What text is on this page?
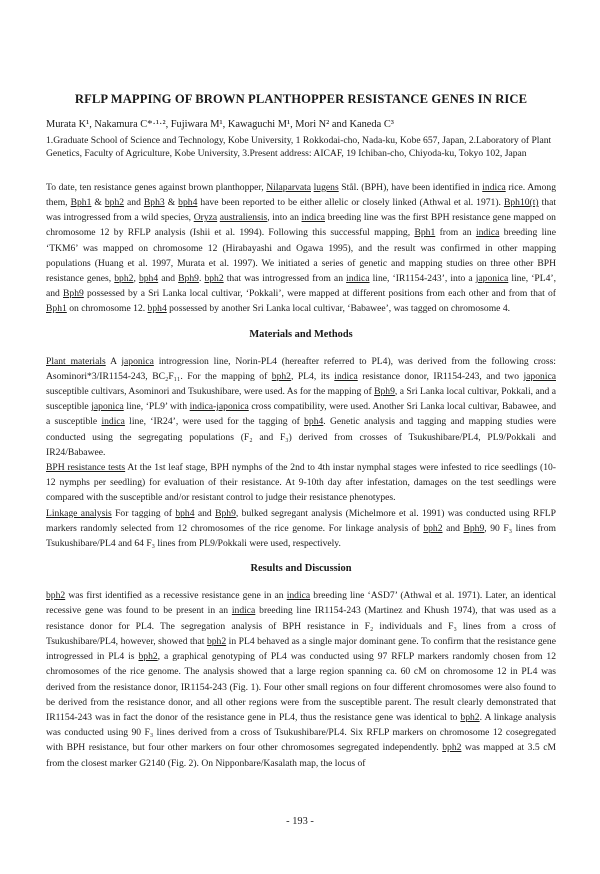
RFLP MAPPING OF BROWN PLANTHOPPER RESISTANCE GENES IN RICE
Murata K¹, Nakamura C*·¹·², Fujiwara M¹, Kawaguchi M¹, Mori N² and Kaneda C³
1.Graduate School of Science and Technology, Kobe University, 1 Rokkodai-cho, Nada-ku, Kobe 657, Japan, 2.Laboratory of Plant Genetics, Faculty of Agriculture, Kobe University, 3.Present address: AICAF, 19 Ichiban-cho, Chiyoda-ku, Tokyo 102, Japan

To date, ten resistance genes against brown planthopper, Nilaparvata lugens Stål. (BPH), have been identified in indica rice. Among them, Bph1 & bph2 and Bph3 & bph4 have been reported to be either allelic or closely linked (Athwal et al. 1971). Bph10(t) that was introgressed from a wild species, Oryza australiensis, into an indica breeding line was the first BPH resistance gene mapped on chromosome 12 by RFLP analysis (Ishii et al. 1994). Following this successful mapping, Bph1 from an indica breeding line ‘TKM6’ was mapped on chromosome 12 (Hirabayashi and Ogawa 1995), and the result was confirmed in other mapping populations (Huang et al. 1997, Murata et al. 1997). We initiated a series of genetic and mapping studies on three other BPH resistance genes, bph2, bph4 and Bph9. bph2 that was introgressed from an indica line, ‘IR1154-243’, into a japonica line, ‘PL4’, and Bph9 possessed by a Sri Lanka local cultivar, ‘Pokkali’, were mapped at different positions from each other and from that of Bph1 on chromosome 12. bph4 possessed by another Sri Lanka local cultivar, ‘Babawee’, was tagged on chromosome 4.

Materials and Methods

Plant materials A japonica introgression line, Norin-PL4 (hereafter referred to PL4), was derived from the following cross: Asominori*3/IR1154-243, BC₂F₁₁. For the mapping of bph2, PL4, its indica resistance donor, IR1154-243, and two japonica susceptible cultivars, Asominori and Tsukushibare, were used. As for the mapping of Bph9, a Sri Lanka local cultivar, Pokkali, and a susceptible japonica line, ‘PL9’ with indica-japonica cross compatibility, were used. Another Sri Lanka local cultivar, Babawee, and a susceptible indica line, ‘IR24’, were used for the tagging of bph4. Genetic analysis and tagging and mapping studies were conducted using the segregating populations (F₂ and F₃) derived from crosses of Tsukushibare/PL4, PL9/Pokkali and IR24/Babawee.

BPH resistance tests At the 1st leaf stage, BPH nymphs of the 2nd to 4th instar nymphal stages were infested to rice seedlings (10-12 nymphs per seedling) for evaluation of their resistance. At 9-10th day after infestation, damages on the test seedlings were compared with the susceptible and/or resistant control to judge their resistance phenotypes.

Linkage analysis For tagging of bph4 and Bph9, bulked segregant analysis (Michelmore et al. 1991) was conducted using RFLP markers randomly selected from 12 chromosomes of the rice genome. For linkage analysis of bph2 and Bph9, 90 F₃ lines from Tsukushibare/PL4 and 64 F₃ lines from PL9/Pokkali were used, respectively.

Results and Discussion

bph2 was first identified as a recessive resistance gene in an indica breeding line ‘ASD7’ (Athwal et al. 1971). Later, an identical recessive gene was found to be present in an indica breeding line IR1154-243 (Martinez and Khush 1974), that was used as a resistance donor for PL4. The segregation analysis of BPH resistance in F₂ individuals and F₃ lines from a cross of Tsukushibare/PL4, however, showed that bph2 in PL4 behaved as a single major dominant gene. To confirm that the resistance gene introgressed in PL4 is bph2, a graphical genotyping of PL4 was conducted using 97 RFLP markers randomly chosen from 12 chromosomes of the rice genome. The analysis showed that a large region spanning ca. 60 cM on chromosome 12 in PL4 was derived from the resistance donor, IR1154-243 (Fig. 1). Four other small regions on four different chromosomes were also found to be derived from the resistance donor, and all other regions were from the susceptible parent. The result clearly demonstrated that IR1154-243 was in fact the donor of the resistance gene in PL4, thus the resistance gene was identical to bph2. A linkage analysis was conducted using 90 F₃ lines derived from a cross of Tsukushibare/PL4. Six RFLP markers on chromosome 12 cosegregated with BPH resistance, but four other markers on four other chromosomes segregated independently. bph2 was mapped at 3.5 cM from the closest marker G2140 (Fig. 2). On Nipponbare/Kasalath map, the locus of

- 193 -
